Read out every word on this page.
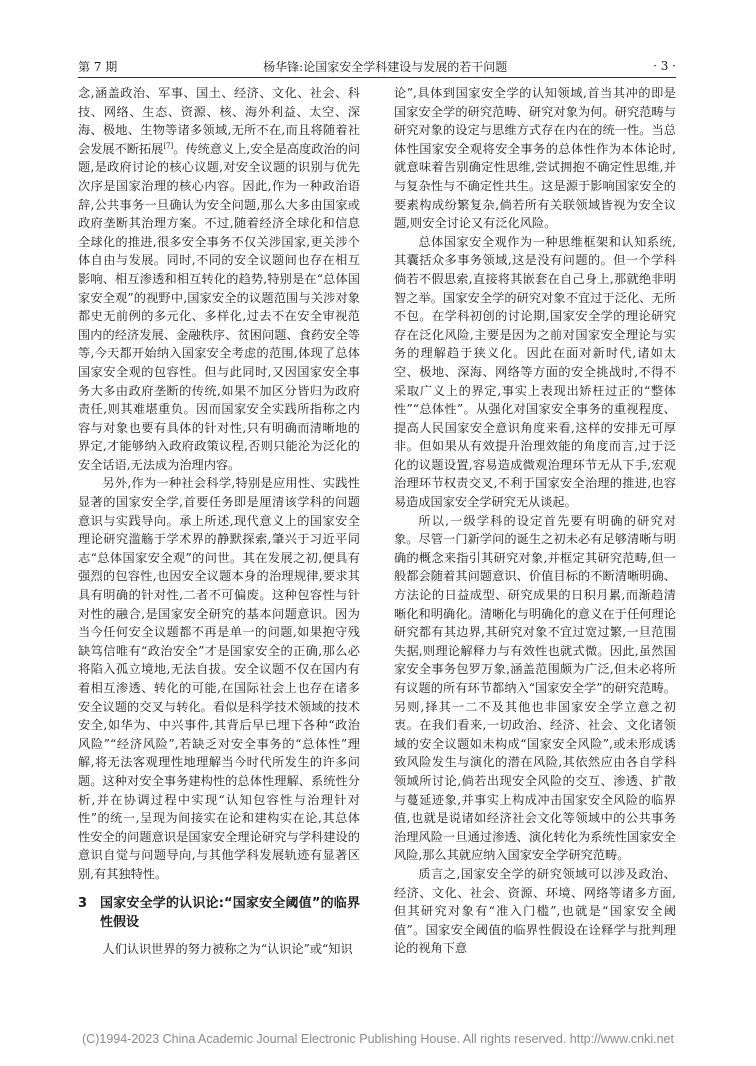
第 7 期	杨华锋:论国家安全学科建设与发展的若干问题	· 3 ·

念,涵盖政治、军事、国土、经济、文化、社会、科技、网络、生态、资源、核、海外利益、太空、深海、极地、生物等诸多领域,无所不在,而且将随着社会发展不断拓展[7]。传统意义上,安全是高度政治的问题,是政府讨论的核心议题,对安全议题的识别与优先次序是国家治理的核心内容。因此,作为一种政治语辞,公共事务一旦确认为安全问题,那么大多由国家或政府垄断其治理方案。不过,随着经济全球化和信息全球化的推进,很多安全事务不仅关涉国家,更关涉个体自由与发展。同时,不同的安全议题间也存在相互影响、相互渗透和相互转化的趋势,特别是在“总体国家安全观”的视野中,国家安全的议题范围与关涉对象都史无前例的多元化、多样化,过去不在安全审视范围内的经济发展、金融秩序、贫困问题、食药安全等等,今天都开始纳入国家安全考虑的范围,体现了总体国家安全观的包容性。但与此同时,又因国家安全事务大多由政府垄断的传统,如果不加区分皆归为政府责任,则其难堪重负。因而国家安全实践所指称之内容与对象也要有具体的针对性,只有明确而清晰地的界定,才能够纳入政府政策议程,否则只能沦为泛化的安全话语,无法成为治理内容。

另外,作为一种社会科学,特别是应用性、实践性显著的国家安全学,首要任务即是厘清该学科的问题意识与实践导向。承上所述,现代意义上的国家安全理论研究滥觞于学术界的静默探索,肇兴于习近平同志“总体国家安全观”的问世。其在发展之初,便具有强烈的包容性,也因安全议题本身的治理规律,要求其具有明确的针对性,二者不可偏废。这种包容性与针对性的融合,是国家安全研究的基本问题意识。因为当今任何安全议题都不再是单一的问题,如果抱守残缺笃信唯有“政治安全”才是国家安全的正确,那么必将陷入孤立境地,无法自拔。安全议题不仅在国内有着相互渗透、转化的可能,在国际社会上也存在诸多安全议题的交叉与转化。看似是科学技术领域的技术安全,如华为、中兴事件,其背后早已埋下各种“政治风险”“经济风险”,若缺乏对安全事务的“总体性”理解,将无法客观理性地理解当今时代所发生的许多问题。这种对安全事务建构性的总体性理解、系统性分析,并在协调过程中实现“认知包容性与治理针对性”的统一,呈现为间接实在论和建构实在论,其总体性安全的问题意识是国家安全理论研究与学科建设的意识自觉与问题导向,与其他学科发展轨迹有显著区别,有其独特性。

3 国家安全学的认识论:“国家安全阈值”的临界性假设

人们认识世界的努力被称之为“认识论”或“知识

论”,具体到国家安全学的认知领域,首当其冲的即是国家安全学的研究范畴、研究对象为何。研究范畴与研究对象的设定与思维方式存在内在的统一性。当总体性国家安全观将安全事务的总体性作为本体论时,就意味着告别确定性思维,尝试拥抱不确定性思维,并与复杂性与不确定性共生。这是源于影响国家安全的要素构成纷繁复杂,倘若所有关联领域皆视为安全议题,则安全讨论又有泛化风险。

总体国家安全观作为一种思维框架和认知系统,其囊括众多事务领域,这是没有问题的。但一个学科倘若不假思索,直接将其嵌套在自己身上,那就绝非明智之举。国家安全学的研究对象不宜过于泛化、无所不包。在学科初创的讨论期,国家安全学的理论研究存在泛化风险,主要是因为之前对国家安全理论与实务的理解趋于狭义化。因此在面对新时代,诸如太空、极地、深海、网络等方面的安全挑战时,不得不采取广义上的界定,事实上表现出矫枉过正的“整体性”“总体性”。从强化对国家安全事务的重视程度、提高人民国家安全意识角度来看,这样的安排无可厚非。但如果从有效提升治理效能的角度而言,过于泛化的议题设置,容易造成微观治理环节无从下手,宏观治理环节权责交叉,不利于国家安全治理的推进,也容易造成国家安全学研究无从谈起。

所以,一级学科的设定首先要有明确的研究对象。尽管一门新学问的诞生之初未必有足够清晰与明确的概念来指引其研究对象,并框定其研究范畴,但一般都会随着其问题意识、价值目标的不断清晰明确、方法论的日益成型、研究成果的日积月累,而渐趋清晰化和明确化。清晰化与明确化的意义在于任何理论研究都有其边界,其研究对象不宜过宽过繁,一旦范围失据,则理论解释力与有效性也就式微。因此,虽然国家安全事务包罗万象,涵盖范围颇为广泛,但未必将所有议题的所有环节都纳入“国家安全学”的研究范畴。另则,择其一二不及其他也非国家安全学立意之初衷。在我们看来,一切政治、经济、社会、文化诸领域的安全议题如未构成“国家安全风险”,或未形成诱致风险发生与演化的潜在风险,其依然应由各自学科领域所讨论,倘若出现安全风险的交互、渗透、扩散与蔓延迹象,并事实上构成冲击国家安全风险的临界值,也就是说诸如经济社会文化等领域中的公共事务治理风险一旦通过渗透、演化转化为系统性国家安全风险,那么其就应纳入国家安全学研究范畴。

质言之,国家安全学的研究领域可以涉及政治、经济、文化、社会、资源、环境、网络等诸多方面,但其研究对象有“准入门槛”,也就是“国家安全阈值”。国家安全阈值的临界性假设在诠释学与批判理论的视角下意

(C)1994-2023 China Academic Journal Electronic Publishing House. All rights reserved. http://www.cnki.net
